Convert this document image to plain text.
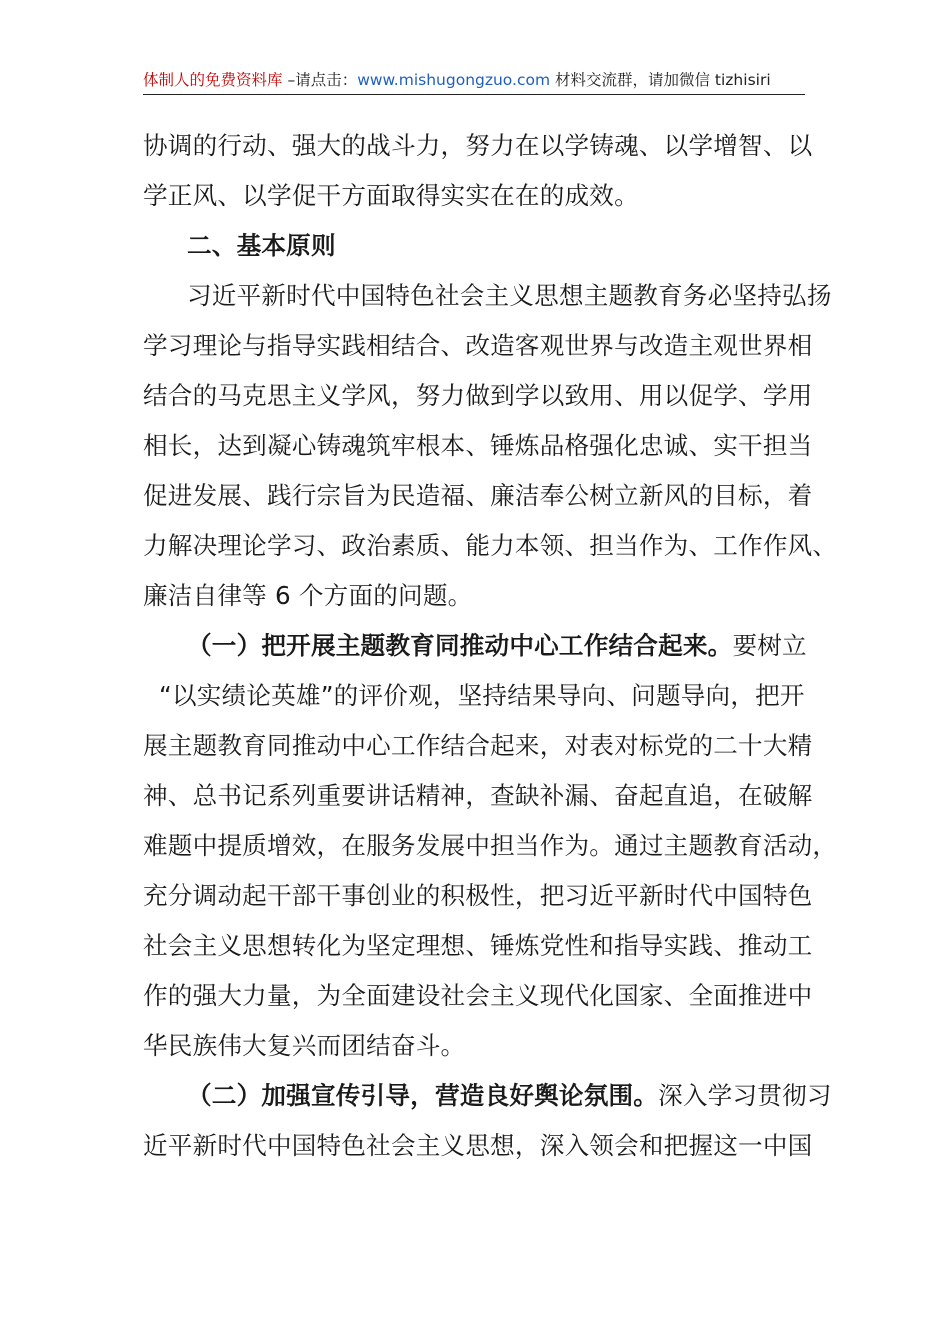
体制人的免费资料库 –请点击：www.mishugongzuo.com 材料交流群，请加微信 tizhisiri
协调的行动、强大的战斗力，努力在以学铸魂、以学增智、以
学正风、以学促干方面取得实实在在的成效。
二、基本原则
习近平新时代中国特色社会主义思想主题教育务必坚持弘扬
学习理论与指导实践相结合、改造客观世界与改造主观世界相
结合的马克思主义学风，努力做到学以致用、用以促学、学用
相长，达到凝心铸魂筑牢根本、锤炼品格强化忠诚、实干担当
促进发展、践行宗旨为民造福、廉洁奉公树立新风的目标，着
力解决理论学习、政治素质、能力本领、担当作为、工作作风、
廉洁自律等 6 个方面的问题。
（一）把开展主题教育同推动中心工作结合起来。要树立
“以实绩论英雄”的评价观，坚持结果导向、问题导向，把开
展主题教育同推动中心工作结合起来，对表对标党的二十大精
神、总书记系列重要讲话精神，查缺补漏、奋起直追，在破解
难题中提质增效，在服务发展中担当作为。通过主题教育活动，
充分调动起干部干事创业的积极性，把习近平新时代中国特色
社会主义思想转化为坚定理想、锤炼党性和指导实践、推动工
作的强大力量，为全面建设社会主义现代化国家、全面推进中
华民族伟大复兴而团结奋斗。
（二）加强宣传引导，营造良好舆论氛围。深入学习贯彻习
近平新时代中国特色社会主义思想，深入领会和把握这一中国
